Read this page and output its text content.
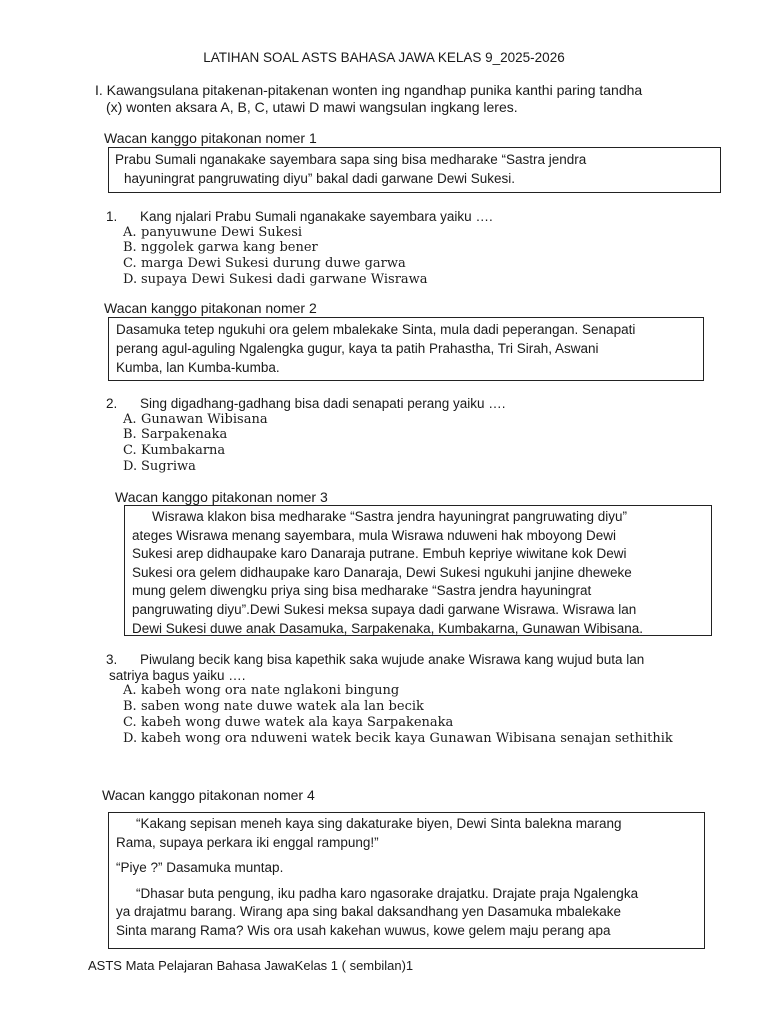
LATIHAN SOAL ASTS BAHASA JAWA KELAS 9_2025-2026
I. Kawangsulana pitakenan-pitakenan wonten ing ngandhap punika kanthi paring tandha
(x) wonten aksara A, B, C, utawi D mawi wangsulan ingkang leres.
Wacan kanggo pitakonan nomer 1
Prabu Sumali nganakake sayembara sapa sing bisa medharake “Sastra jendra
hayuningrat pangruwating diyu” bakal dadi garwane Dewi Sukesi.
1. Kang njalari Prabu Sumali nganakake sayembara yaiku ….
A. panyuwune Dewi Sukesi
B. nggolek garwa kang bener
C. marga Dewi Sukesi durung duwe garwa
D. supaya Dewi Sukesi dadi garwane Wisrawa
Wacan kanggo pitakonan nomer 2
Dasamuka tetep ngukuhi ora gelem mbalekake Sinta, mula dadi peperangan. Senapati
perang agul-aguling Ngalengka gugur, kaya ta patih Prahastha, Tri Sirah, Aswani
Kumba, lan Kumba-kumba.
2. Sing digadhang-gadhang bisa dadi senapati perang yaiku ….
A. Gunawan Wibisana
B. Sarpakenaka
C. Kumbakarna
D. Sugriwa
Wacan kanggo pitakonan nomer 3
Wisrawa klakon bisa medharake “Sastra jendra hayuningrat pangruwating diyu”
ateges Wisrawa menang sayembara, mula Wisrawa nduweni hak mboyong Dewi
Sukesi arep didhaupake karo Danaraja putrane. Embuh kepriye wiwitane kok Dewi
Sukesi ora gelem didhaupake karo Danaraja, Dewi Sukesi ngukuhi janjine dheweke
mung gelem diwengku priya sing bisa medharake “Sastra jendra hayuningrat
pangruwating diyu”.Dewi Sukesi meksa supaya dadi garwane Wisrawa. Wisrawa lan
Dewi Sukesi duwe anak Dasamuka, Sarpakenaka, Kumbakarna, Gunawan Wibisana.
3. Piwulang becik kang bisa kapethik saka wujude anake Wisrawa kang wujud buta lan
satriya bagus yaiku ….
A. kabeh wong ora nate nglakoni bingung
B. saben wong nate duwe watek ala lan becik
C. kabeh wong duwe watek ala kaya Sarpakenaka
D. kabeh wong ora nduweni watek becik kaya Gunawan Wibisana senajan sethithik
Wacan kanggo pitakonan nomer 4

“Kakang sepisan meneh kaya sing dakaturake biyen, Dewi Sinta balekna marang

Rama, supaya perkara iki enggal rampung!”

“Piye ?” Dasamuka muntap.

“Dhasar buta pengung, iku padha karo ngasorake drajatku. Drajate praja Ngalengka

ya drajatmu barang. Wirang apa sing bakal daksandhang yen Dasamuka mbalekake

Sinta marang Rama? Wis ora usah kakehan wuwus, kowe gelem maju perang apa

ASTS Mata Pelajaran Bahasa JawaKelas 1 ( sembilan)1
